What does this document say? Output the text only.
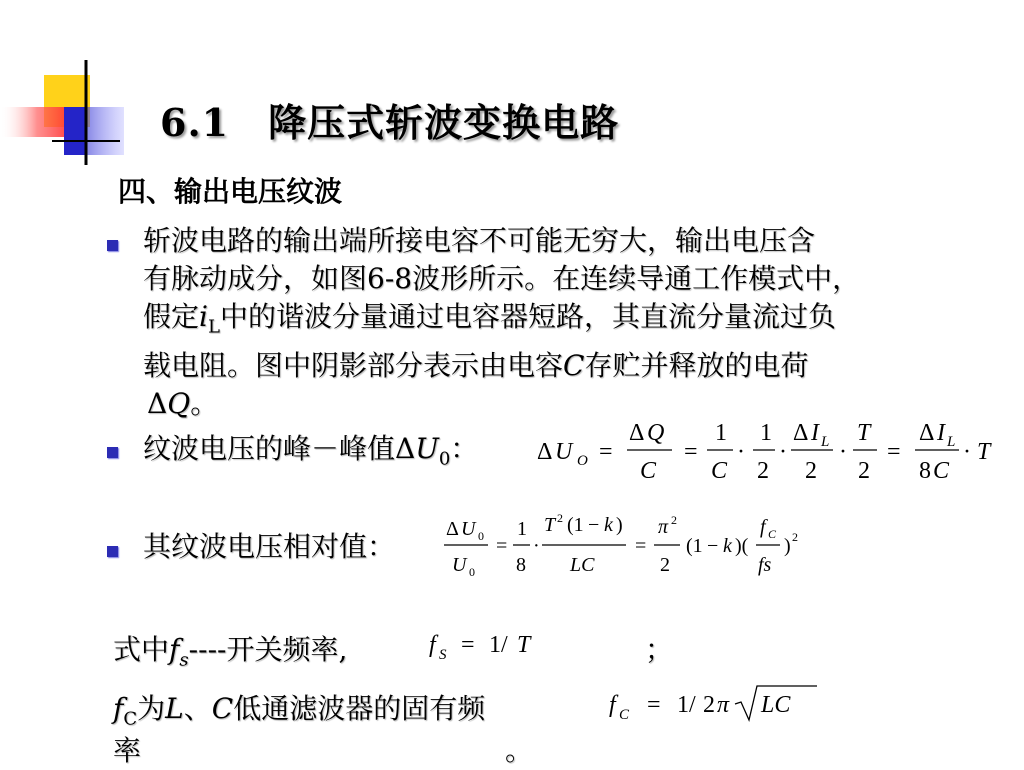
6.1　降压式斩波变换电路
四、输出电压纹波
斩波电路的输出端所接电容不可能无穷大，输出电压含
有脉动成分，如图6-8波形所示。在连续导通工作模式中，
假定$i_L$中的谐波分量通过电容器短路，其直流分量流过负
载电阻。图中阴影部分表示由电容C存贮并释放的电荷
ΔQ。
纹波电压的峰－峰值$\Delta U_0$： Δ U O =
Δ Q
C
=
1
C
·
1
2
·
Δ I L
2
·
T
2
=
Δ I L
8 C
· T
其纹波电压相对值：
Δ U 0
U 0
=
1
8
·
T 2 (1 − k )
LC
=
π 2
2
(1 − k )(
f C
fs
) 2
式中$f_s----$开关频率,	f S = 1/ T	；
$f_C$为L、C低通滤波器的固有频	f C = 1/ 2 π LC
率	。
